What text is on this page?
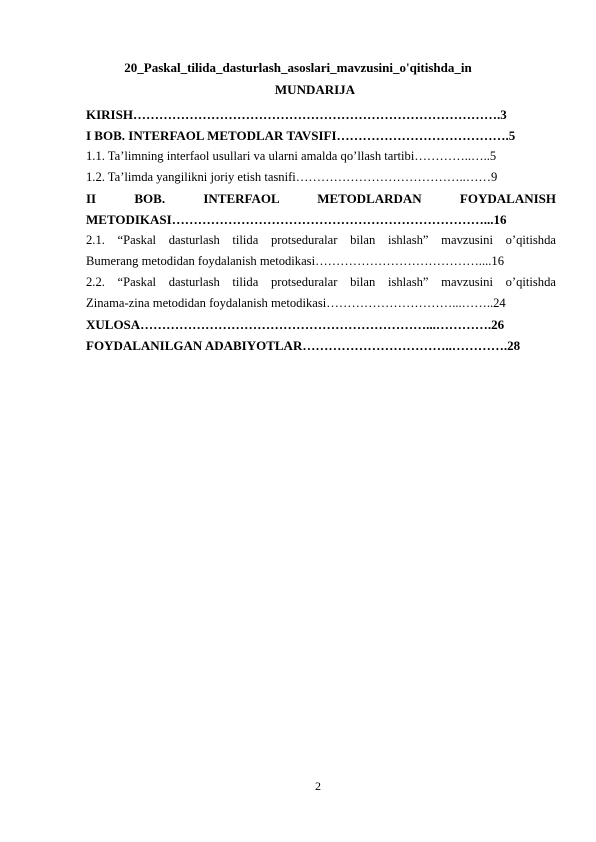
20_Paskal_tilida_dasturlash_asoslari_mavzusini_o'qitishda_in
MUNDARIJA
KIRISH………………………………………………………………………….3
I BOB. INTERFAOL METODLAR TAVSIFI………………………………….5
1.1. Ta’limning interfaol usullari va ularni amalda qo’llash tartibi…………..…..5
1.2. Ta’limda yangilikni joriy etish tasnifi…………………………………..……9
II BOB. INTERFAOL METODLARDAN FOYDALANISH
METODIKASI………………………………………………………………...16
2.1. “Paskal dasturlash tilida protseduralar bilan ishlash” mavzusini o’qitishda
Bumerang metodidan foydalanish metodikasi…………………………………....16
2.2. “Paskal dasturlash tilida protseduralar bilan ishlash” mavzusini o’qitishda
Zinama-zina metodidan foydalanish metodikasi…………………………...……..24
XULOSA…………………………………………………………...………….26
FOYDALANILGAN ADABIYOTLAR……………………………..………….28
2
